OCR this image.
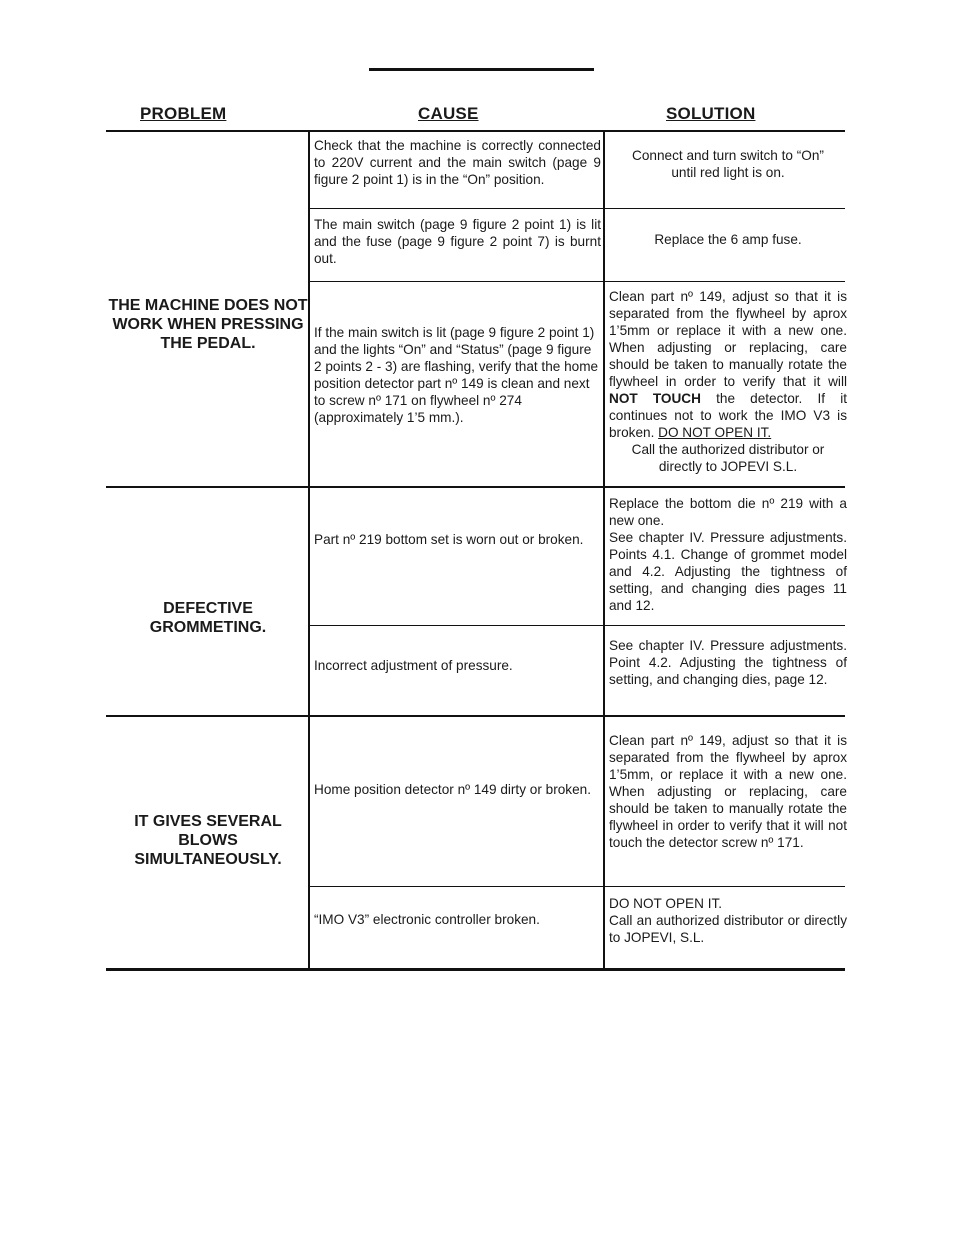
PROBLEM	CAUSE	SOLUTION
THE MACHINE DOES NOT WORK WHEN PRESSING THE PEDAL.
Check that the machine is correctly connected to 220V current and the main switch (page 9 figure 2 point 1) is in the “On” position.
Connect and turn switch to “On” until red light is on.
The main switch (page 9 figure 2 point 1) is lit and the fuse (page 9 figure 2 point 7) is burnt out.
Replace the 6 amp fuse.
If the main switch is lit (page 9 figure 2 point 1) and the lights “On” and “Status” (page 9 figure 2 points 2 - 3) are flashing, verify that the home position detector part nº 149 is clean and next to screw nº 171 on flywheel nº 274 (approximately 1’5 mm.).
Clean part nº 149, adjust so that it is separated from the flywheel by aprox 1’5mm or replace it with a new one. When adjusting or replacing, care should be taken to manually rotate the flywheel in order to verify that it will NOT TOUCH the detector. If it continues not to work the IMO V3 is broken. DO NOT OPEN IT.
Call the authorized distributor or directly to JOPEVI S.L.
DEFECTIVE GROMMETING.
Part nº 219 bottom set is worn out or broken.
Replace the bottom die nº 219 with a new one.
See chapter IV. Pressure adjustments. Points 4.1. Change of grommet model and 4.2. Adjusting the tightness of setting, and changing dies pages 11 and 12.
Incorrect adjustment of pressure.
See chapter IV. Pressure adjustments. Point 4.2. Adjusting the tightness of setting, and changing dies, page 12.
IT GIVES SEVERAL BLOWS SIMULTANEOUSLY.
Home position detector nº 149 dirty or broken.
Clean part nº 149, adjust so that it is separated from the flywheel by aprox 1’5mm, or replace it with a new one. When adjusting or replacing, care should be taken to manually rotate the flywheel in order to verify that it will not touch the detector screw nº 171.
“IMO V3” electronic controller broken.
DO NOT OPEN IT.
Call an authorized distributor or directly to JOPEVI, S.L.
